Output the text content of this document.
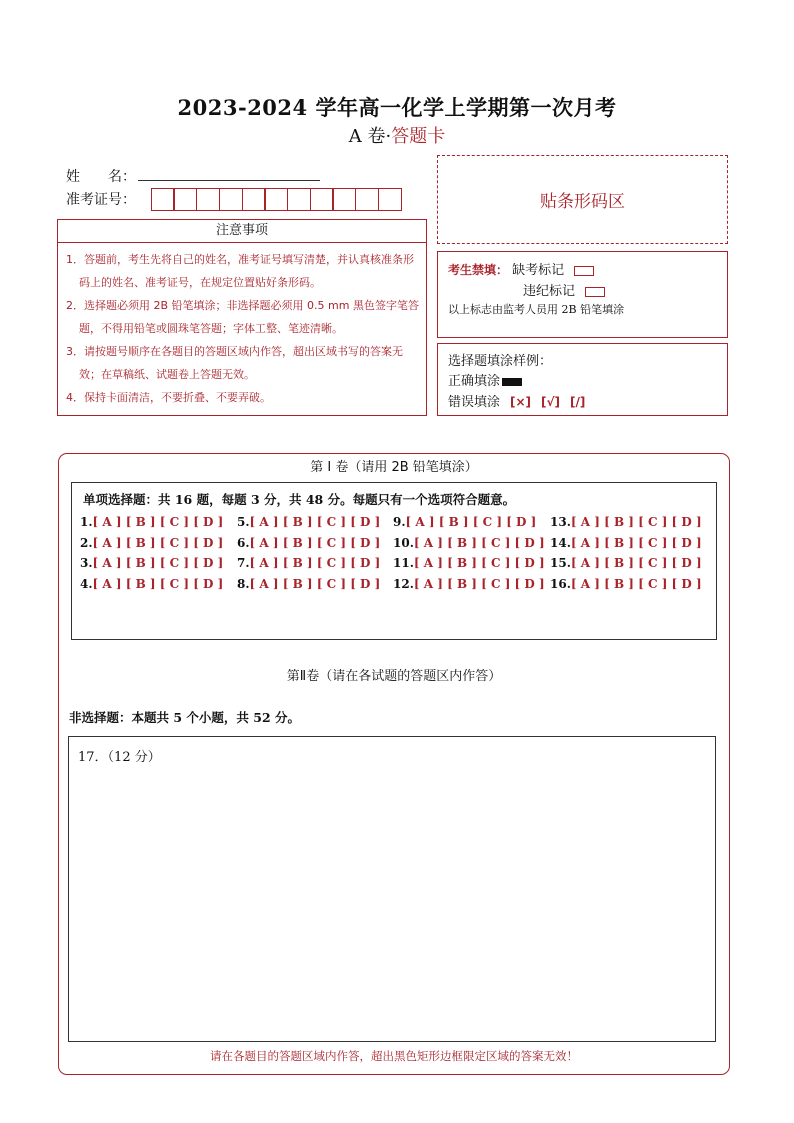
2023-2024 学年高一化学上学期第一次月考
A 卷·答题卡
姓　　名：
准考证号：	贴条形码区
注意事项

1．答题前，考生先将自己的姓名，准考证号填写清楚，并认真核准条形码上的姓名、准考证号，在规定位置贴好条形码。

2．选择题必须用 2B 铅笔填涂；非选择题必须用 0.5 mm 黑色签字笔答题，不得用铅笔或圆珠笔答题；字体工整、笔迹清晰。

3．请按题号顺序在各题目的答题区域内作答，超出区域书写的答案无效；在草稿纸、试题卷上答题无效。

4．保持卡面清洁，不要折叠、不要弄破。

考生禁填： 缺考标记
违纪标记
以上标志由监考人员用 2B 铅笔填涂
选择题填涂样例：
正确填涂
错误填涂 [×] [√] [/]
第 I 卷（请用 2B 铅笔填涂）
单项选择题：共 16 题，每题 3 分，共 48 分。每题只有一个选项符合题意。
1.[ A ] [ B ] [ C ] [ D ]
2.[ A ] [ B ] [ C ] [ D ]
3.[ A ] [ B ] [ C ] [ D ]
4.[ A ] [ B ] [ C ] [ D ]
5.[ A ] [ B ] [ C ] [ D ]
6.[ A ] [ B ] [ C ] [ D ]
7.[ A ] [ B ] [ C ] [ D ]
8.[ A ] [ B ] [ C ] [ D ]
9.[ A ] [ B ] [ C ] [ D ]
10.[ A ] [ B ] [ C ] [ D ]
11.[ A ] [ B ] [ C ] [ D ]
12.[ A ] [ B ] [ C ] [ D ]
13.[ A ] [ B ] [ C ] [ D ]
14.[ A ] [ B ] [ C ] [ D ]
15.[ A ] [ B ] [ C ] [ D ]
16.[ A ] [ B ] [ C ] [ D ]
第Ⅱ卷（请在各试题的答题区内作答）
非选择题：本题共 5 个小题，共 52 分。
17．（12 分）
请在各题目的答题区域内作答，超出黑色矩形边框限定区域的答案无效！
